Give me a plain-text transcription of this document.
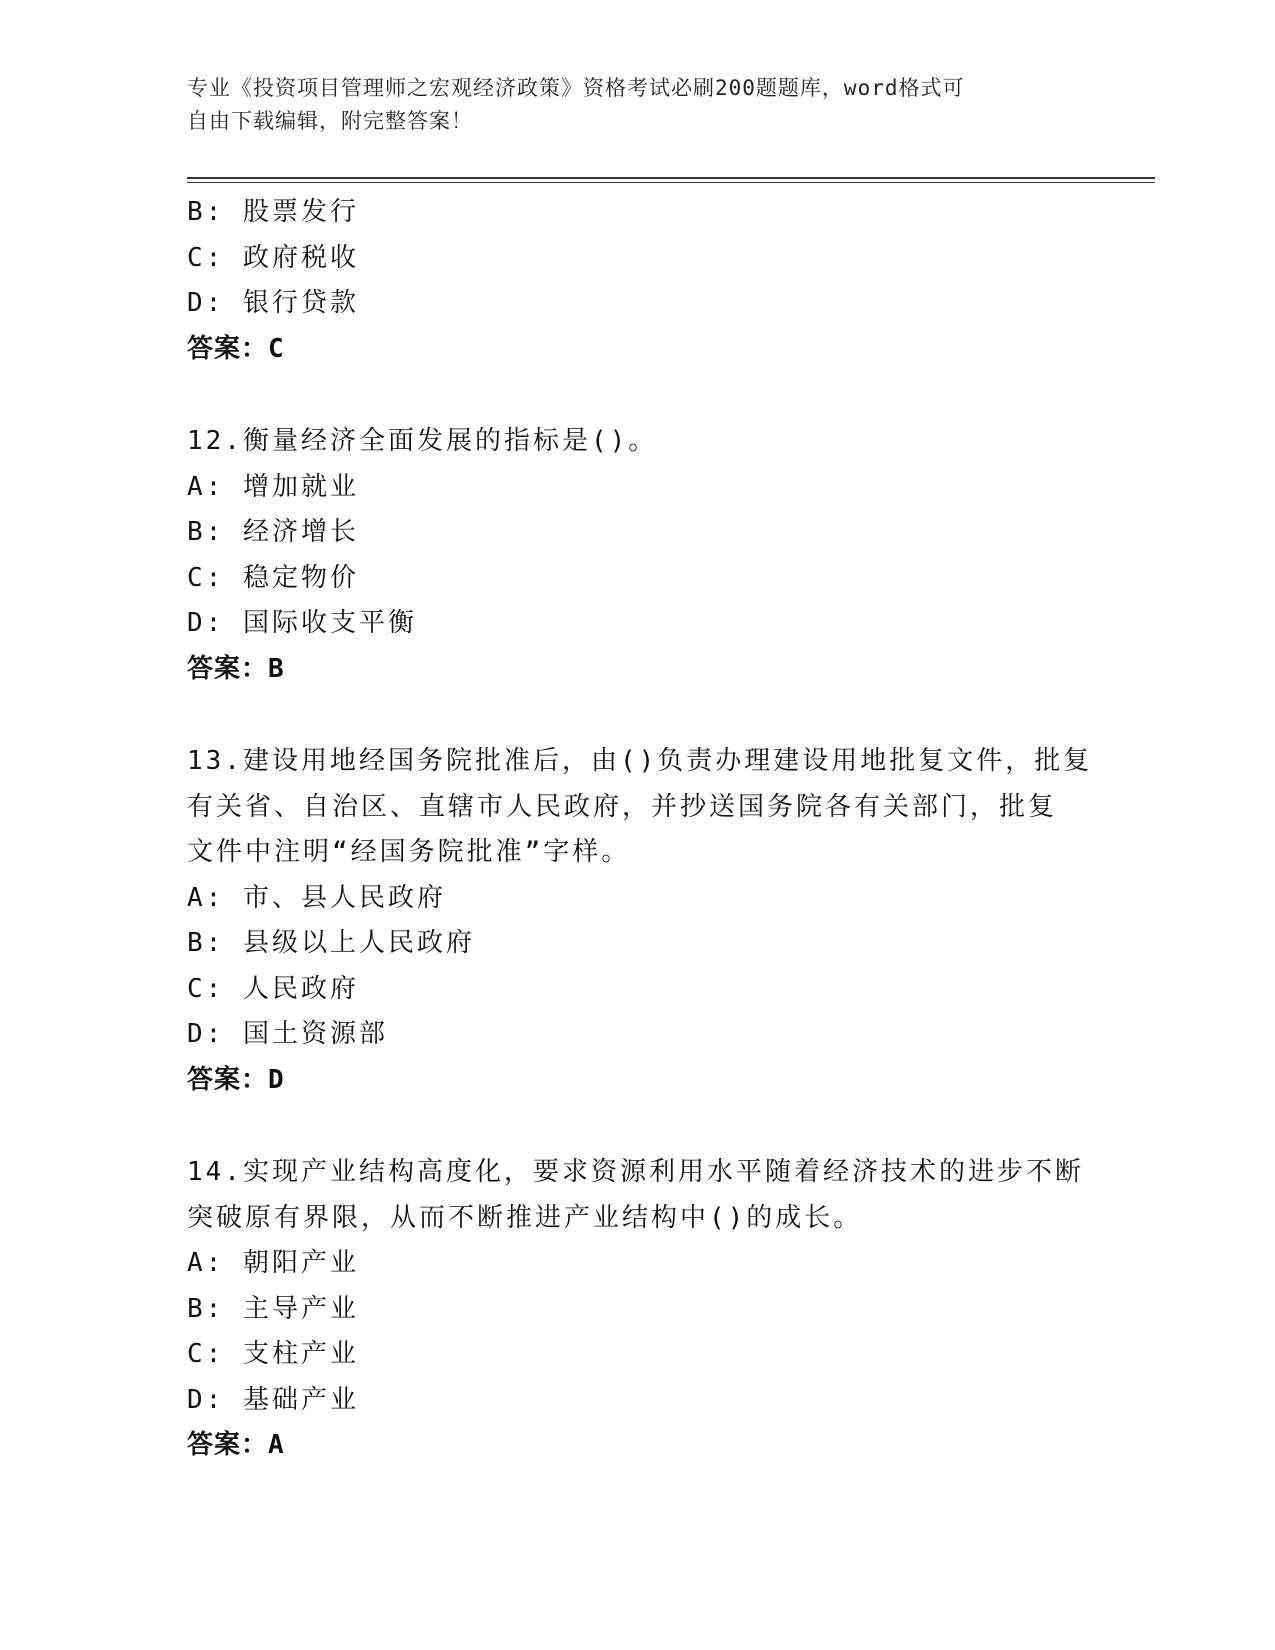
专业《投资项目管理师之宏观经济政策》资格考试必刷200题题库，word格式可
自由下载编辑，附完整答案！
B: 股票发行
C: 政府税收
D: 银行贷款
答案：C
12.衡量经济全面发展的指标是()。
A: 增加就业
B: 经济增长
C: 稳定物价
D: 国际收支平衡
答案：B
13.建设用地经国务院批准后，由()负责办理建设用地批复文件，批复
有关省、自治区、直辖市人民政府，并抄送国务院各有关部门，批复
文件中注明“经国务院批准”字样。
A: 市、县人民政府
B: 县级以上人民政府
C: 人民政府
D: 国土资源部
答案：D
14.实现产业结构高度化，要求资源利用水平随着经济技术的进步不断
突破原有界限，从而不断推进产业结构中()的成长。
A: 朝阳产业
B: 主导产业
C: 支柱产业
D: 基础产业
答案：A
